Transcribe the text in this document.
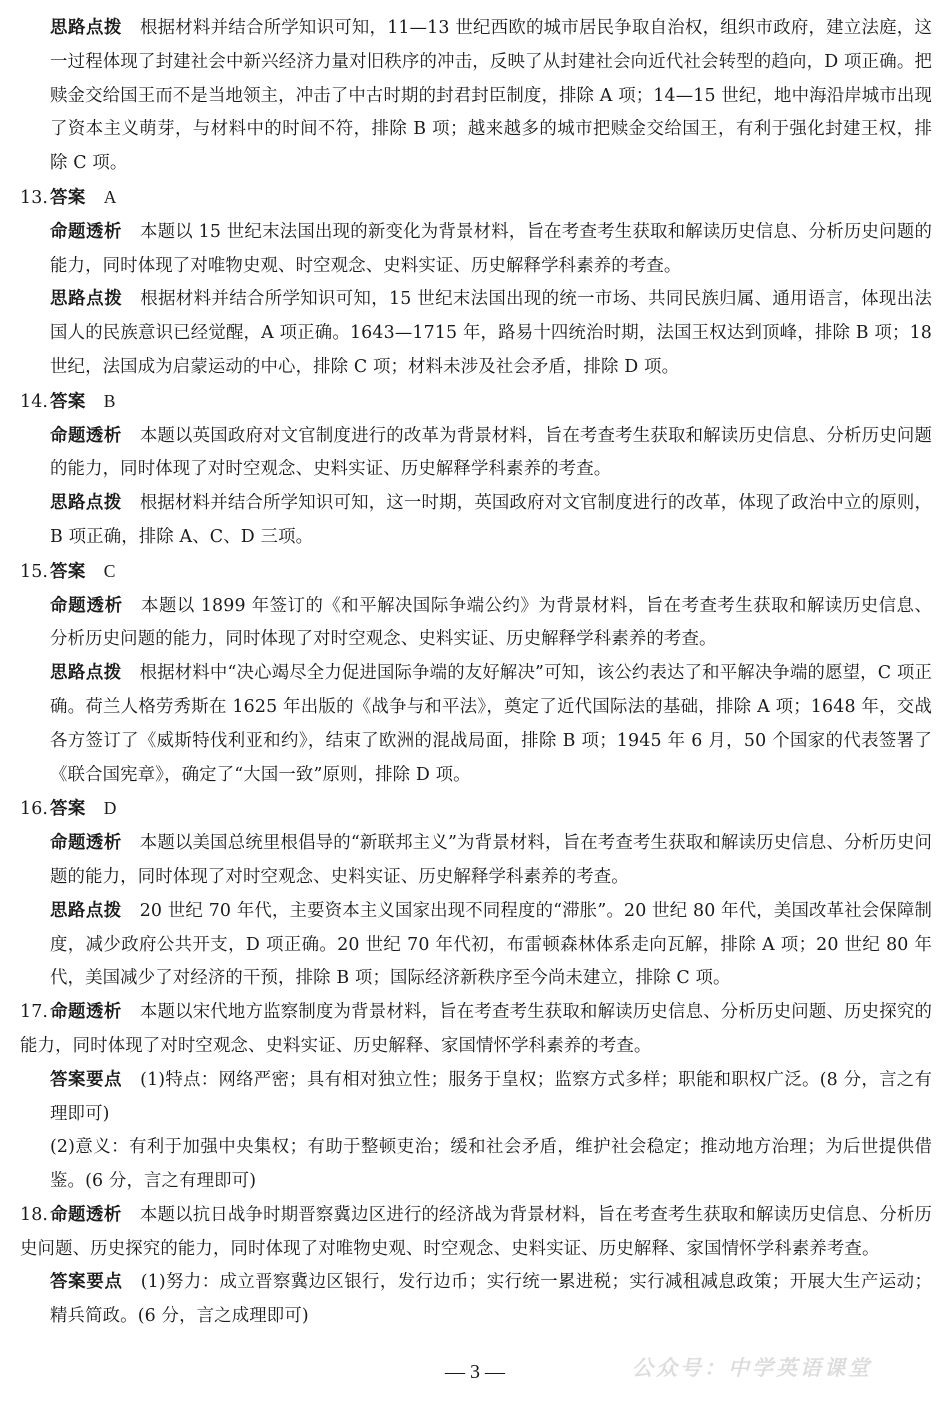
思路点拨 根据材料并结合所学知识可知，11—13 世纪西欧的城市居民争取自治权，组织市政府，建立法庭，这一过程体现了封建社会中新兴经济力量对旧秩序的冲击，反映了从封建社会向近代社会转型的趋向，D 项正确。把赎金交给国王而不是当地领主，冲击了中古时期的封君封臣制度，排除 A 项；14—15 世纪，地中海沿岸城市出现了资本主义萌芽，与材料中的时间不符，排除 B 项；越来越多的城市把赎金交给国王，有利于强化封建王权，排除 C 项。

13. 答案 A

命题透析 本题以 15 世纪末法国出现的新变化为背景材料，旨在考查考生获取和解读历史信息、分析历史问题的能力，同时体现了对唯物史观、时空观念、史料实证、历史解释学科素养的考查。

思路点拨 根据材料并结合所学知识可知，15 世纪末法国出现的统一市场、共同民族归属、通用语言，体现出法国人的民族意识已经觉醒，A 项正确。1643—1715 年，路易十四统治时期，法国王权达到顶峰，排除 B 项；18 世纪，法国成为启蒙运动的中心，排除 C 项；材料未涉及社会矛盾，排除 D 项。

14. 答案 B

命题透析 本题以英国政府对文官制度进行的改革为背景材料，旨在考查考生获取和解读历史信息、分析历史问题的能力，同时体现了对时空观念、史料实证、历史解释学科素养的考查。

思路点拨 根据材料并结合所学知识可知，这一时期，英国政府对文官制度进行的改革，体现了政治中立的原则，B 项正确，排除 A、C、D 三项。

15. 答案 C

命题透析 本题以 1899 年签订的《和平解决国际争端公约》为背景材料，旨在考查考生获取和解读历史信息、分析历史问题的能力，同时体现了对时空观念、史料实证、历史解释学科素养的考查。

思路点拨 根据材料中“决心竭尽全力促进国际争端的友好解决”可知，该公约表达了和平解决争端的愿望，C 项正确。荷兰人格劳秀斯在 1625 年出版的《战争与和平法》，奠定了近代国际法的基础，排除 A 项；1648 年，交战各方签订了《威斯特伐利亚和约》，结束了欧洲的混战局面，排除 B 项；1945 年 6 月，50 个国家的代表签署了《联合国宪章》，确定了“大国一致”原则，排除 D 项。

16. 答案 D

命题透析 本题以美国总统里根倡导的“新联邦主义”为背景材料，旨在考查考生获取和解读历史信息、分析历史问题的能力，同时体现了对时空观念、史料实证、历史解释学科素养的考查。

思路点拨 20 世纪 70 年代，主要资本主义国家出现不同程度的“滞胀”。20 世纪 80 年代，美国改革社会保障制度，减少政府公共开支，D 项正确。20 世纪 70 年代初，布雷顿森林体系走向瓦解，排除 A 项；20 世纪 80 年代，美国减少了对经济的干预，排除 B 项；国际经济新秩序至今尚未建立，排除 C 项。

17. 命题透析 本题以宋代地方监察制度为背景材料，旨在考查考生获取和解读历史信息、分析历史问题、历史探究的能力，同时体现了对时空观念、史料实证、历史解释、家国情怀学科素养的考查。

答案要点 (1)特点：网络严密；具有相对独立性；服务于皇权；监察方式多样；职能和职权广泛。(8 分，言之有理即可)

(2)意义：有利于加强中央集权；有助于整顿吏治；缓和社会矛盾，维护社会稳定；推动地方治理；为后世提供借鉴。(6 分，言之有理即可)

18. 命题透析 本题以抗日战争时期晋察冀边区进行的经济战为背景材料，旨在考查考生获取和解读历史信息、分析历史问题、历史探究的能力，同时体现了对唯物史观、时空观念、史料实证、历史解释、家国情怀学科素养考查。

答案要点 (1)努力：成立晋察冀边区银行，发行边币；实行统一累进税；实行减租减息政策；开展大生产运动；精兵简政。(6 分，言之成理即可)

— 3 —	公众号：中学英语课堂
